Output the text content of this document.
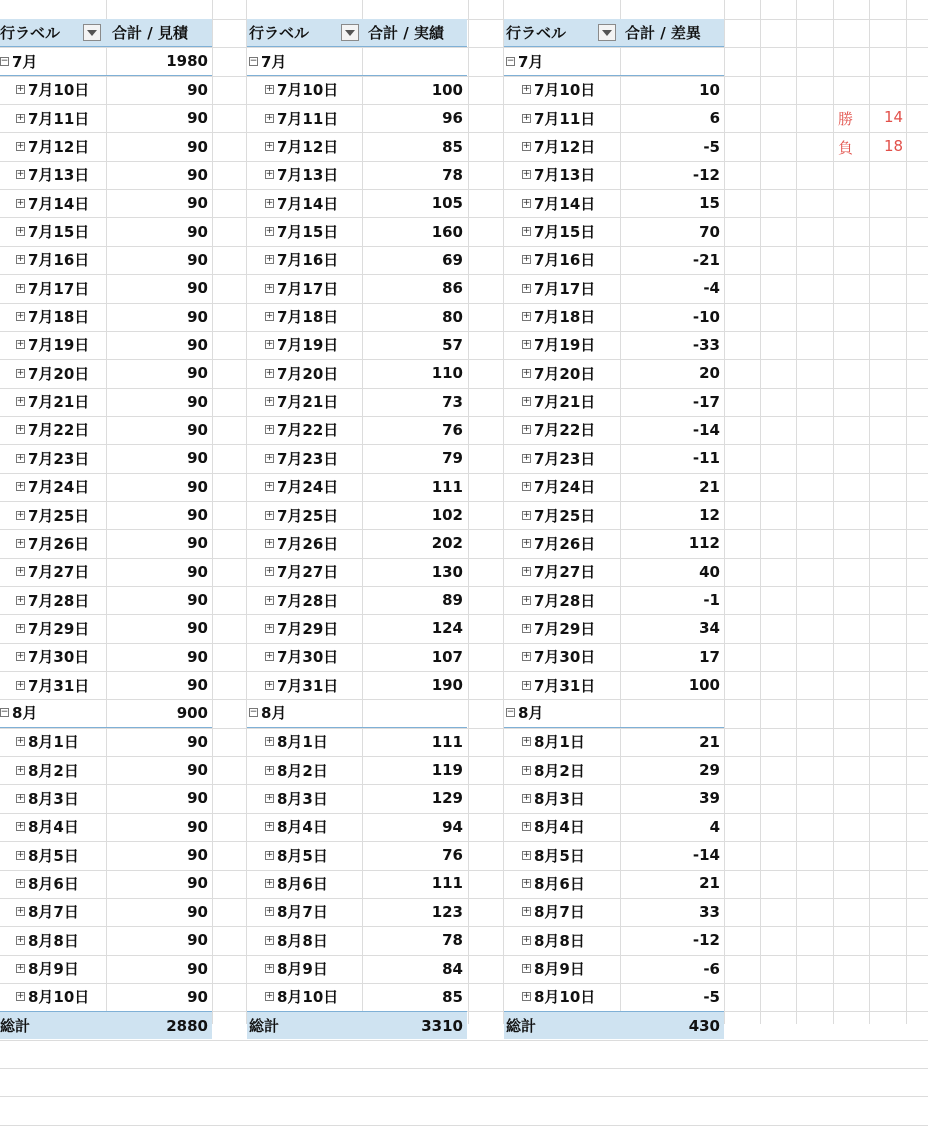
行ラベル	合計 / 見積
− 7月	1980
+ 7月10日	90
+ 7月11日	90
+ 7月12日	90
+ 7月13日	90
+ 7月14日	90
+ 7月15日	90
+ 7月16日	90
+ 7月17日	90
+ 7月18日	90
+ 7月19日	90
+ 7月20日	90
+ 7月21日	90
+ 7月22日	90
+ 7月23日	90
+ 7月24日	90
+ 7月25日	90
+ 7月26日	90
+ 7月27日	90
+ 7月28日	90
+ 7月29日	90
+ 7月30日	90
+ 7月31日	90
− 8月	900
+ 8月1日	90
+ 8月2日	90
+ 8月3日	90
+ 8月4日	90
+ 8月5日	90
+ 8月6日	90
+ 8月7日	90
+ 8月8日	90
+ 8月9日	90
+ 8月10日	90
総計	2880
行ラベル	合計 / 実績
− 7月
+ 7月10日	100
+ 7月11日	96
+ 7月12日	85
+ 7月13日	78
+ 7月14日	105
+ 7月15日	160
+ 7月16日	69
+ 7月17日	86
+ 7月18日	80
+ 7月19日	57
+ 7月20日	110
+ 7月21日	73
+ 7月22日	76
+ 7月23日	79
+ 7月24日	111
+ 7月25日	102
+ 7月26日	202
+ 7月27日	130
+ 7月28日	89
+ 7月29日	124
+ 7月30日	107
+ 7月31日	190
− 8月
+ 8月1日	111
+ 8月2日	119
+ 8月3日	129
+ 8月4日	94
+ 8月5日	76
+ 8月6日	111
+ 8月7日	123
+ 8月8日	78
+ 8月9日	84
+ 8月10日	85
総計	3310
行ラベル	合計 / 差異
− 7月
+ 7月10日	10
+ 7月11日	6
+ 7月12日	-5
+ 7月13日	-12
+ 7月14日	15
+ 7月15日	70
+ 7月16日	-21
+ 7月17日	-4
+ 7月18日	-10
+ 7月19日	-33
+ 7月20日	20
+ 7月21日	-17
+ 7月22日	-14
+ 7月23日	-11
+ 7月24日	21
+ 7月25日	12
+ 7月26日	112
+ 7月27日	40
+ 7月28日	-1
+ 7月29日	34
+ 7月30日	17
+ 7月31日	100
− 8月
+ 8月1日	21
+ 8月2日	29
+ 8月3日	39
+ 8月4日	4
+ 8月5日	-14
+ 8月6日	21
+ 8月7日	33
+ 8月8日	-12
+ 8月9日	-6
+ 8月10日	-5
総計	430
勝 14
負 18
